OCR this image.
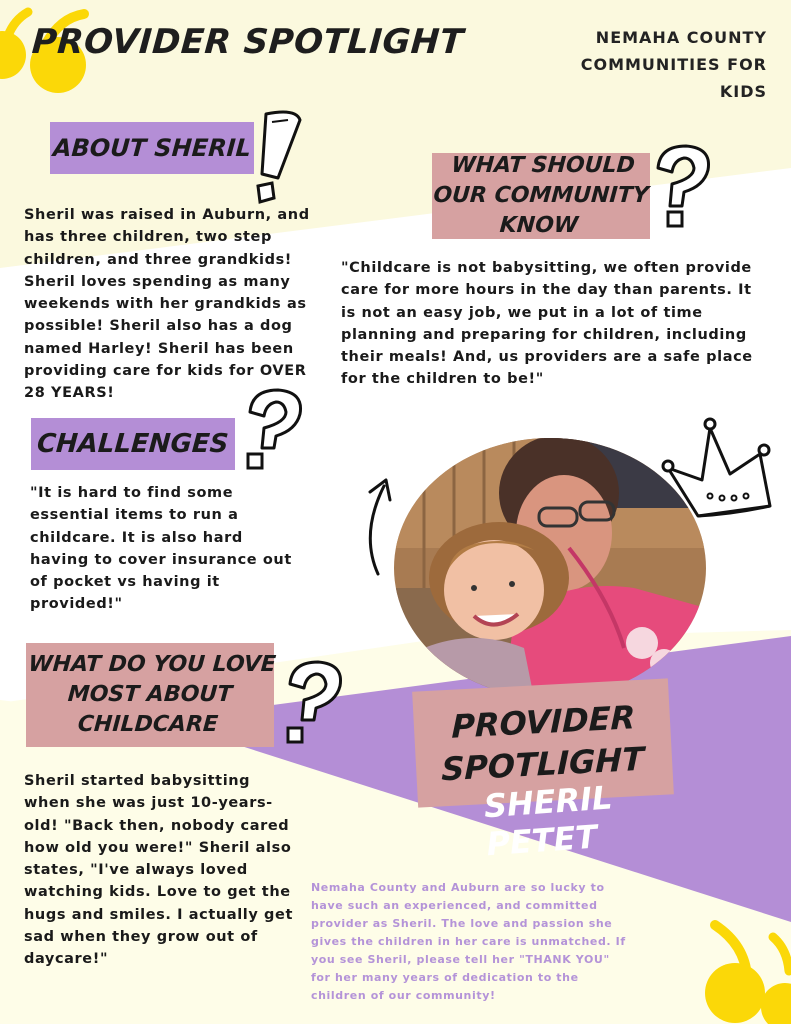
PROVIDER SPOTLIGHT	NEMAHA COUNTY COMMUNITIES FOR KIDS
ABOUT SHERIL

Sheril was raised in Auburn, and has three children, two step children, and three grandkids! Sheril loves spending as many weekends with her grandkids as possible! Sheril also has a dog named Harley! Sheril has been providing care for kids for OVER 28 YEARS!

WHAT SHOULD OUR COMMUNITY KNOW

"Childcare is not babysitting, we often provide care for more hours in the day than parents. It is not an easy job, we put in a lot of time planning and preparing for children, including their meals! And, us providers are a safe place for the children to be!"

CHALLENGES

"It is hard to find some essential items to run a childcare. It is also hard having to cover insurance out of pocket vs having it provided!"

PROVIDER SPOTLIGHT
SHERIL PETET
WHAT DO YOU LOVE MOST ABOUT CHILDCARE

Sheril started babysitting when she was just 10-years-old! "Back then, nobody cared how old you were!" Sheril also states, "I've always loved watching kids. Love to get the hugs and smiles. I actually get sad when they grow out of daycare!"

Nemaha County and Auburn are so lucky to have such an experienced, and committed provider as Sheril. The love and passion she gives the children in her care is unmatched. If you see Sheril, please tell her "THANK YOU" for her many years of dedication to the children of our community!
